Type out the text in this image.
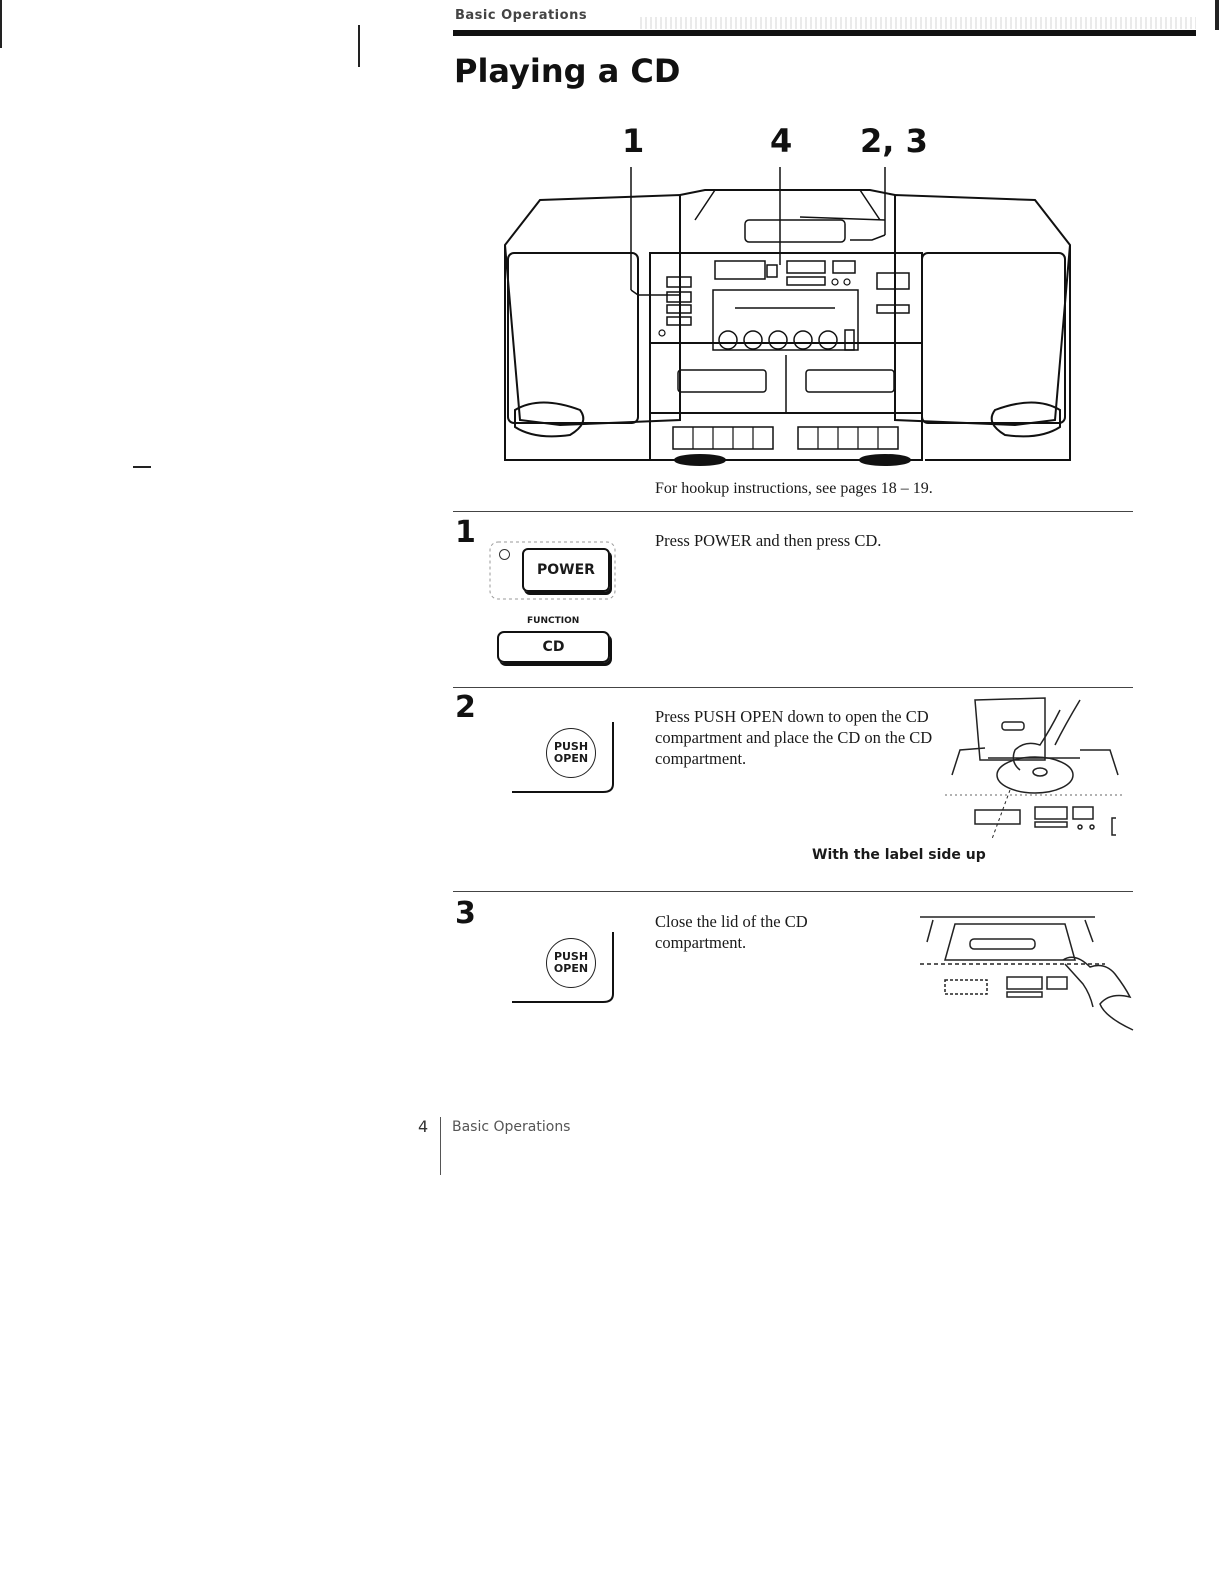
Basic Operations
Playing a CD
1	4 2, 3
For hookup instructions, see pages 18 – 19.
1	Press POWER and then press CD.
POWER
FUNCTION
CD
2	Press PUSH OPEN down to open the CD compartment and place the CD on the CD compartment.
PUSH
OPEN
With the label side up
3	Close the lid of the CD compartment.
PUSH
OPEN
4 Basic Operations
